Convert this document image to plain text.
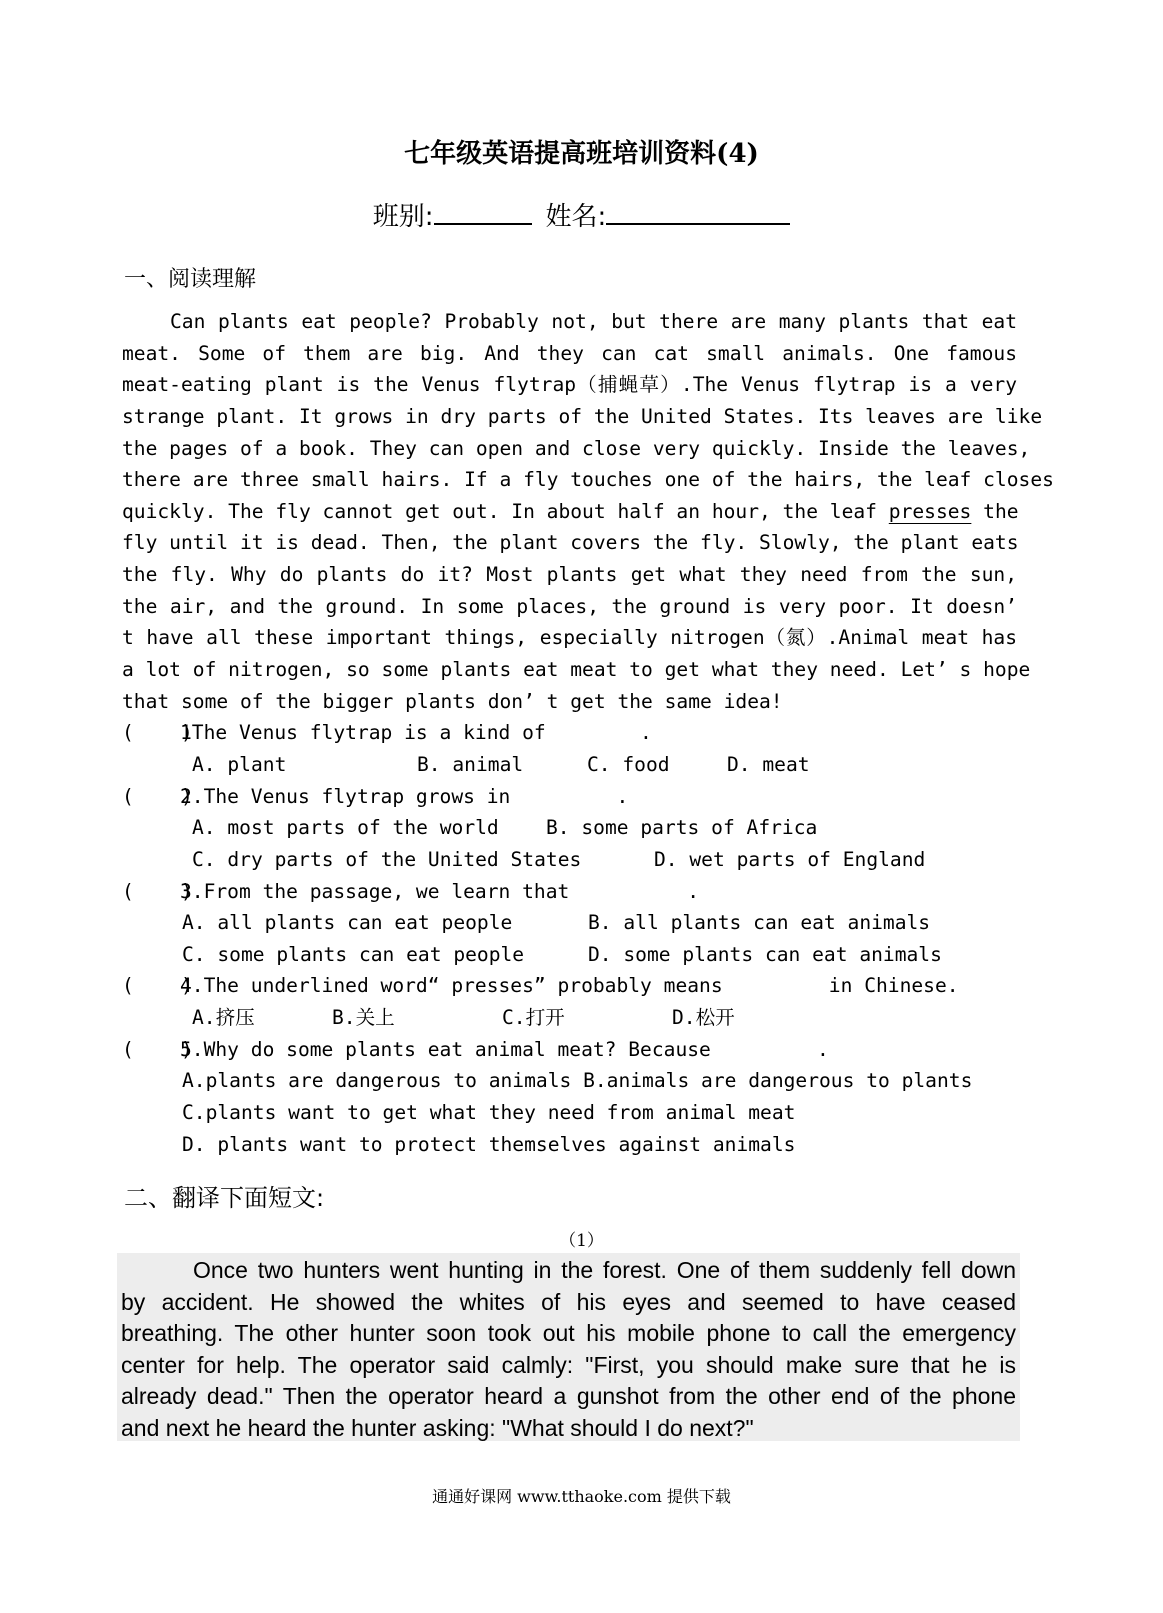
七年级英语提高班培训资料(4)
班别:	姓名:
一、阅读理解
Can plants eat people? Probably not, but there are many plants that eat
meat. Some of them are big. And they can cat small animals. One famous
meat-eating plant is the Venus flytrap（捕蝇草）.The Venus flytrap is a very
strange plant. It grows in dry parts of the United States. Its leaves are like
the pages of a book. They can open and close very quickly. Inside the leaves,
there are three small hairs. If a fly touches one of the hairs, the leaf closes
quickly. The fly cannot get out. In about half an hour, the leaf presses the
fly until it is dead. Then, the plant covers the fly. Slowly, the plant eats
the fly. Why do plants do it? Most plants get what they need from the sun,
the air, and the ground. In some places, the ground is very poor. It doesn’
t have all these important things, especially nitrogen（氮）.Animal meat has
a lot of nitrogen, so some plants eat meat to get what they need. Let’ s hope
that some of the bigger plants don’ t get the same idea!
(    )1The Venus flytrap is a kind of        .
A. plant	B. animal	C. food	D. meat
(    )2.The Venus flytrap grows in         .
A. most parts of the world B. some parts of Africa
C. dry parts of the United States	D. wet parts of England
(    )3.From the passage, we learn that          .
A. all plants can eat people	B. all plants can eat animals
C. some plants can eat people	D. some plants can eat animals
(    )4.The underlined word“ presses” probably means         in Chinese.
A.挤压	B.关上	C.打开	D.松开
(    )5.Why do some plants eat animal meat? Because         .
A.plants are dangerous to animals B.animals are dangerous to plants
C.plants want to get what they need from animal meat
D. plants want to protect themselves against animals
二、翻译下面短文:
（1）
Once two hunters went hunting in the forest. One of them suddenly fell down
by accident. He showed the whites of his eyes and seemed to have ceased
breathing. The other hunter soon took out his mobile phone to call the emergency
center for help. The operator said calmly: "First, you should make sure that he is
already dead." Then the operator heard a gunshot from the other end of the phone
and next he heard the hunter asking: "What should I do next?"
通通好课网 www.tthaoke.com 提供下载
